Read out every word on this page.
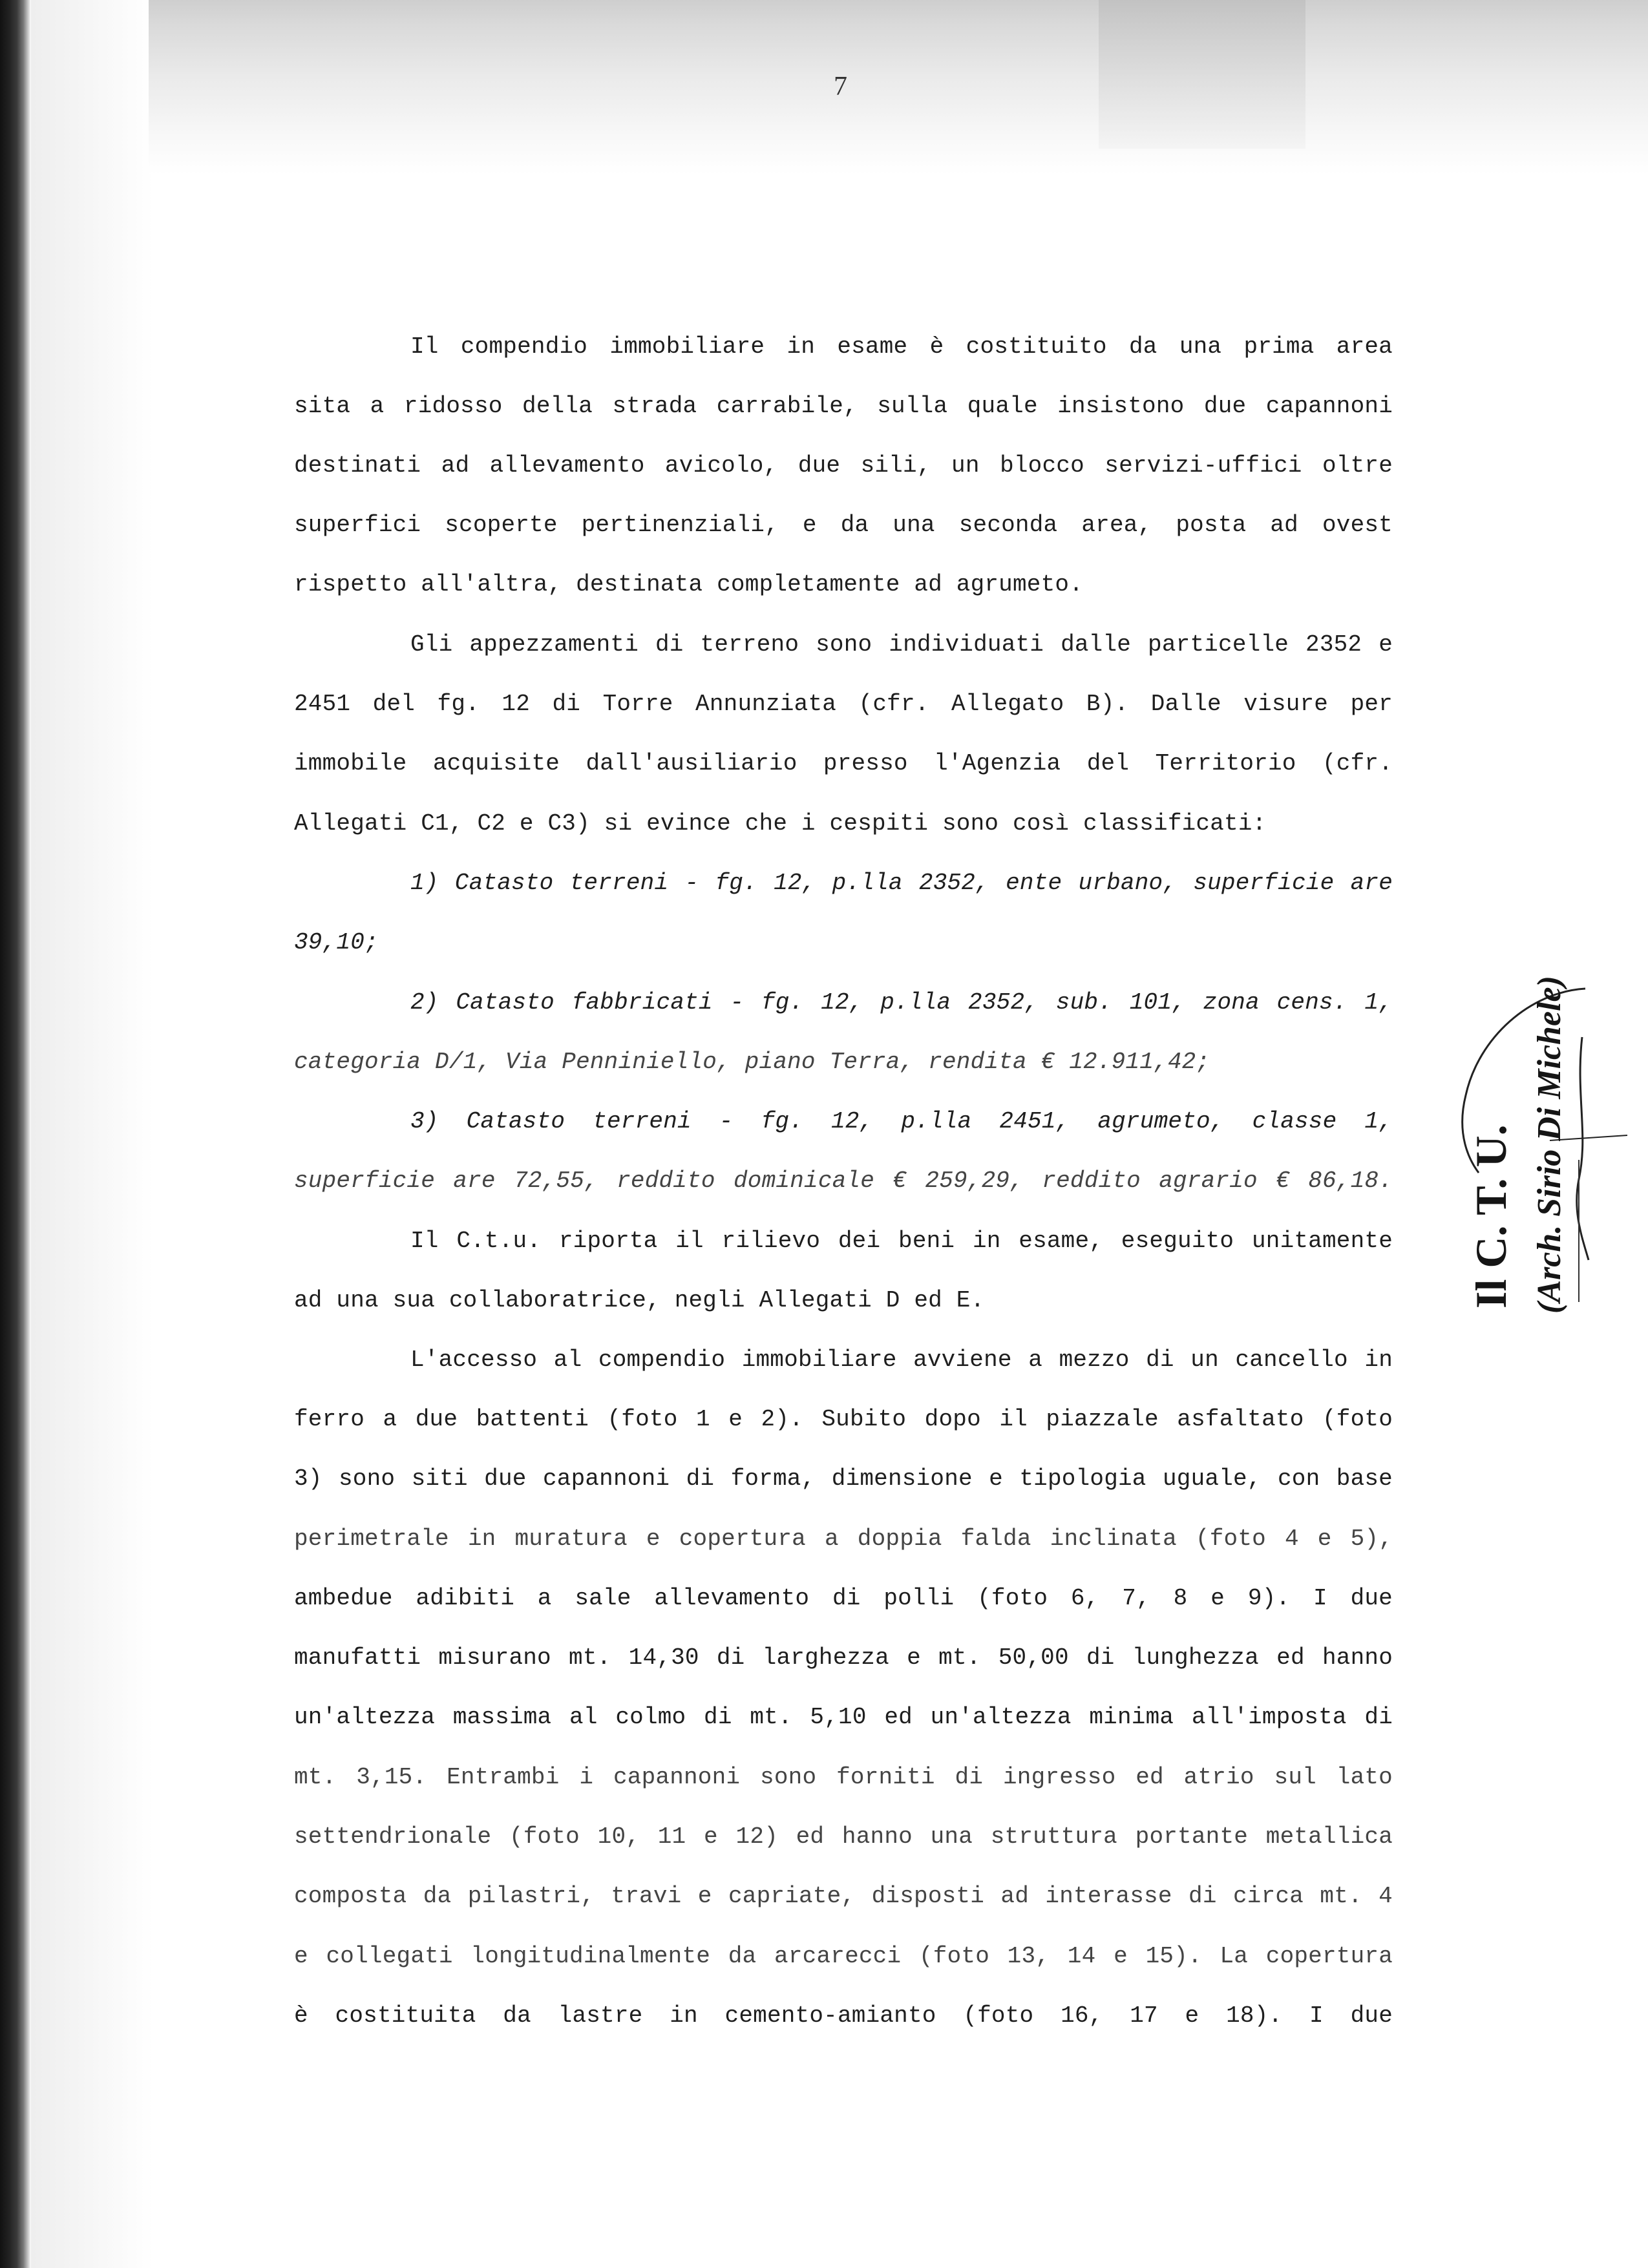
7
Il compendio immobiliare in esame è costituito da una prima area
sita a ridosso della strada carrabile, sulla quale insistono due capannoni
destinati ad allevamento avicolo, due sili, un blocco servizi-uffici oltre
superfici scoperte pertinenziali, e da una seconda area, posta ad ovest
rispetto all'altra, destinata completamente ad agrumeto.
Gli appezzamenti di terreno sono individuati dalle particelle 2352 e
2451 del fg. 12 di Torre Annunziata (cfr. Allegato B). Dalle visure per
immobile acquisite dall'ausiliario presso l'Agenzia del Territorio (cfr.
Allegati C1, C2 e C3) si evince che i cespiti sono così classificati:
1) Catasto terreni - fg. 12, p.lla 2352, ente urbano, superficie are
39,10;
2) Catasto fabbricati - fg. 12, p.lla 2352, sub. 101, zona cens. 1,
categoria D/1, Via Penniniello, piano Terra, rendita € 12.911,42;
3) Catasto terreni - fg. 12, p.lla 2451, agrumeto, classe 1,
superficie are 72,55, reddito dominicale € 259,29, reddito agrario € 86,18.
Il C.t.u. riporta il rilievo dei beni in esame, eseguito unitamente
ad una sua collaboratrice, negli Allegati D ed E.
L'accesso al compendio immobiliare avviene a mezzo di un cancello in
ferro a due battenti (foto 1 e 2). Subito dopo il piazzale asfaltato (foto
3) sono siti due capannoni di forma, dimensione e tipologia uguale, con base
perimetrale in muratura e copertura a doppia falda inclinata (foto 4 e 5),
ambedue adibiti a sale allevamento di polli (foto 6, 7, 8 e 9). I due
manufatti misurano mt. 14,30 di larghezza e mt. 50,00 di lunghezza ed hanno
un'altezza massima al colmo di mt. 5,10 ed un'altezza minima all'imposta di
mt. 3,15. Entrambi i capannoni sono forniti di ingresso ed atrio sul lato
settendrionale (foto 10, 11 e 12) ed hanno una struttura portante metallica
composta da pilastri, travi e capriate, disposti ad interasse di circa mt. 4
e collegati longitudinalmente da arcarecci (foto 13, 14 e 15). La copertura
è costituita da lastre in cemento-amianto (foto 16, 17 e 18). I due
Il C. T. U. (Arch. Sirio Di Michele)
